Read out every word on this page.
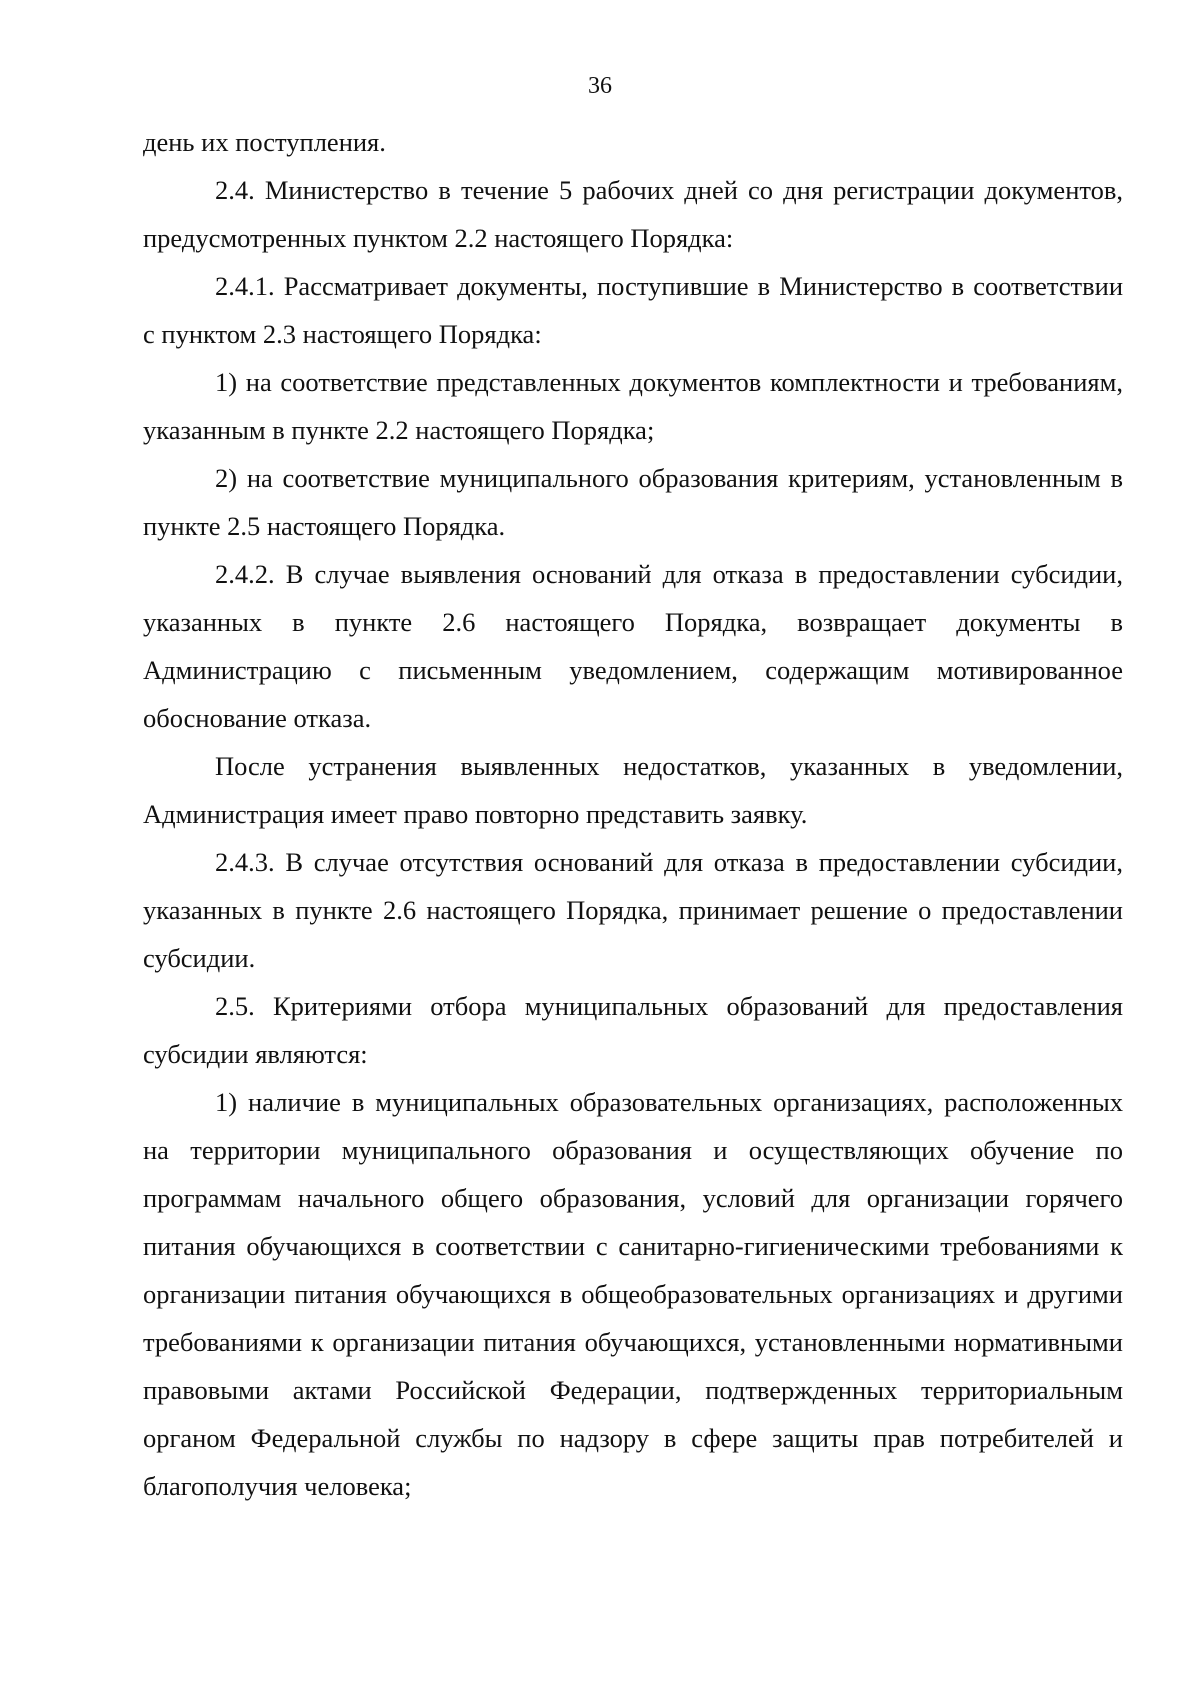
36

день их поступления.

2.4. Министерство в течение 5 рабочих дней со дня регистрации документов, предусмотренных пунктом 2.2 настоящего Порядка:

2.4.1. Рассматривает документы, поступившие в Министерство в соответствии с пунктом 2.3 настоящего Порядка:

1) на соответствие представленных документов комплектности и требованиям, указанным в пункте 2.2 настоящего Порядка;

2) на соответствие муниципального образования критериям, установленным в пункте 2.5 настоящего Порядка.

2.4.2. В случае выявления оснований для отказа в предоставлении субсидии, указанных в пункте 2.6 настоящего Порядка, возвращает документы в Администрацию с письменным уведомлением, содержащим мотивированное обоснование отказа.

После устранения выявленных недостатков, указанных в уведомлении, Администрация имеет право повторно представить заявку.

2.4.3. В случае отсутствия оснований для отказа в предоставлении субсидии, указанных в пункте 2.6 настоящего Порядка, принимает решение о предоставлении субсидии.

2.5. Критериями отбора муниципальных образований для предоставления субсидии являются:

1) наличие в муниципальных образовательных организациях, расположенных на территории муниципального образования и осуществляющих обучение по программам начального общего образования, условий для организации горячего питания обучающихся в соответствии с санитарно-гигиеническими требованиями к организации питания обучающихся в общеобразовательных организациях и другими требованиями к организации питания обучающихся, установленными нормативными правовыми актами Российской Федерации, подтвержденных территориальным органом Федеральной службы по надзору в сфере защиты прав потребителей и благополучия человека;
